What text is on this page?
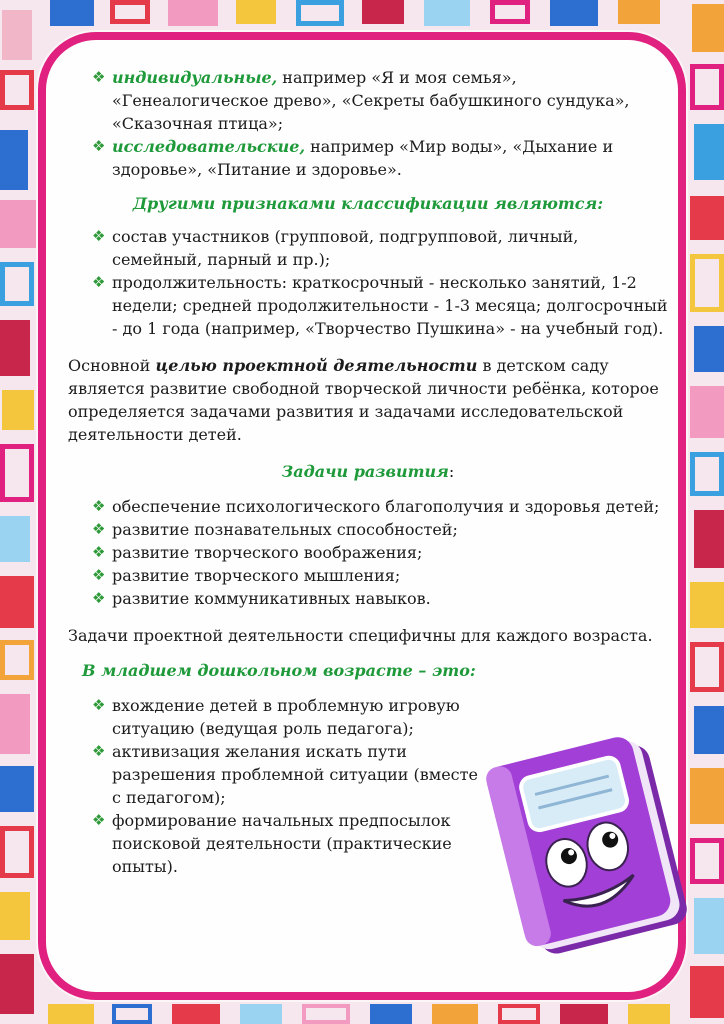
❖ индивидуальные, например «Я и моя семья», «Генеалогическое древо», «Секреты бабушкиного сундука», «Сказочная птица»;

❖ исследовательские, например «Мир воды», «Дыхание и здоровье», «Питание и здоровье».

Другими признаками классификации являются:

❖ состав участников (групповой, подгрупповой, личный, семейный, парный и пр.);

❖ продолжительность: краткосрочный - несколько занятий, 1-2 недели; средней продолжительности - 1-3 месяца; долгосрочный - до 1 года (например, «Творчество Пушкина» - на учебный год).

Основной целью проектной деятельности в детском саду является развитие свободной творческой личности ребёнка, которое определяется задачами развития и задачами исследовательской деятельности детей.

Задачи развития:

❖ обеспечение психологического благополучия и здоровья детей;

❖ развитие познавательных способностей;

❖ развитие творческого воображения;

❖ развитие творческого мышления;

❖ развитие коммуникативных навыков.

Задачи проектной деятельности специфичны для каждого возраста.

В младшем дошкольном возрасте – это:

❖ вхождение детей в проблемную игровую ситуацию (ведущая роль педагога);

❖ активизация желания искать пути разрешения проблемной ситуации (вместе с педагогом);

❖ формирование начальных предпосылок поисковой деятельности (практические опыты).
